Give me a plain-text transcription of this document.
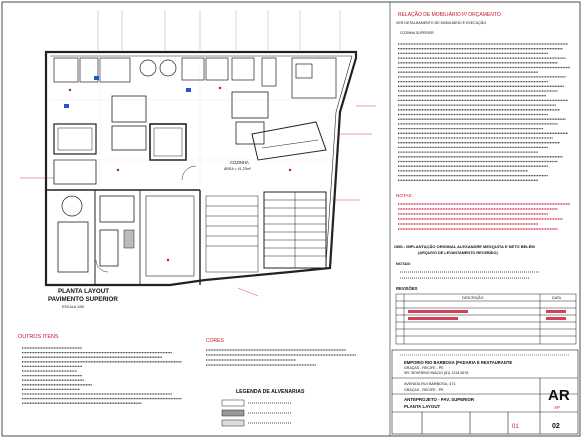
COZINHA
ÁREA = 41,23m²
PLANTA LAYOUT
PAVIMENTO SUPERIOR
ESCALA 1/50
OUTROS ITENS
CORES
LEGENDA DE ALVENARIAS
RELAÇÃO DE MOBILIÁRIO P/ ORÇAMENTO
VER DETALHAMENTO DE MOBILIÁRIO E EXECUÇÃO
COZINHA SUPERIOR
NOTAS:
OBS.: IMPLANTAÇÃO ORIGINAL ALEXANDRE MESQUITA E NETO BELÉM
(ARQUIVO DE LEVANTAMENTO RECEBIDO)
NOTAS:
REVISÕES
DESCRIÇÃO	DATA
EMPORIO RIO BARBOSA (PADARIA E RESTAURANTE
GRAÇAS - RECIFE - PE
SR. SEVERINO INÁCIO (81) 1234.5678
AVENIDA RUI BARBOSA, 471
GRAÇAS - RECIFE - PE
ANTEPROJETO - PAV. SUPERIOR
PLANTA LAYOUT
AR
AP
01	02
